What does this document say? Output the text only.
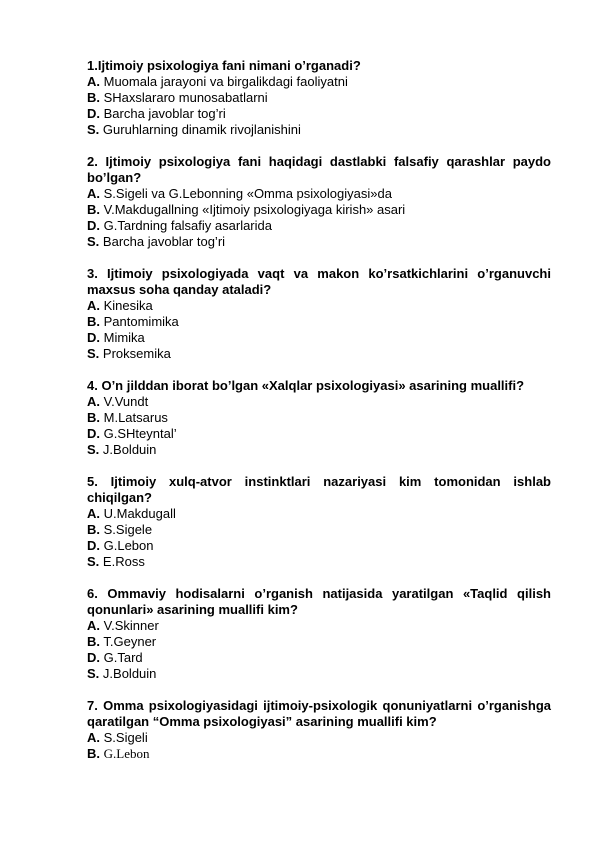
1.Ijtimoiy psixologiya fani nimani o’rganadi?
A. Muomala jarayoni va birgalikdagi faoliyatni
B. SHaxslararo munosabatlarni
D. Barcha javoblar tog’ri
S. Guruhlarning dinamik rivojlanishini
2. Ijtimoiy psixologiya fani haqidagi dastlabki falsafiy qarashlar paydo bo’lgan?
A. S.Sigeli va G.Lebonning «Omma psixologiyasi»da
B. V.Makdugallning «Ijtimoiy psixologiyaga kirish» asari
D. G.Tardning falsafiy asarlarida
S. Barcha javoblar tog’ri
3. Ijtimoiy psixologiyada vaqt va makon ko’rsatkichlarini o’rganuvchi maxsus soha qanday ataladi?
A. Kinesika
B. Pantomimika
D. Mimika
S. Proksemika
4. O’n jilddan iborat bo’lgan «Xalqlar psixologiyasi» asarining muallifi?
A. V.Vundt
B. M.Latsarus
D. G.SHteyntal’
S. J.Bolduin
5. Ijtimoiy xulq-atvor instinktlari nazariyasi kim tomonidan ishlab chiqilgan?
A. U.Makdugall
B. S.Sigele
D. G.Lebon
S. E.Ross
6. Ommaviy hodisalarni o’rganish natijasida yaratilgan «Taqlid qilish qonunlari» asarining muallifi kim?
A. V.Skinner
B. T.Geyner
D. G.Tard
S. J.Bolduin
7. Omma psixologiyasidagi ijtimoiy-psixologik qonuniyatlarni o’rganishga qaratilgan “Omma psixologiyasi” asarining muallifi kim?
A. S.Sigeli
B. G.Lebon
